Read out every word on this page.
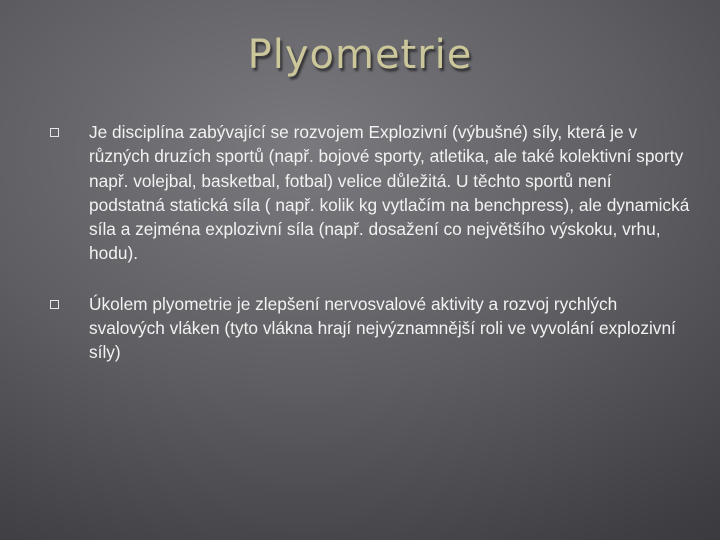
Plyometrie
Je disciplína zabývající se rozvojem Explozivní (výbušné) síly, která je v různých druzích sportů (např. bojové sporty, atletika, ale také kolektivní sporty např. volejbal, basketbal, fotbal) velice důležitá. U těchto sportů není podstatná statická síla ( např. kolik kg vytlačím na benchpress), ale dynamická síla a zejména explozivní síla (např. dosažení co největšího výskoku, vrhu, hodu).
Úkolem plyometrie je zlepšení nervosvalové aktivity a rozvoj rychlých svalových vláken (tyto vlákna hrají nejvýznamnější roli ve vyvolání explozivní síly)
